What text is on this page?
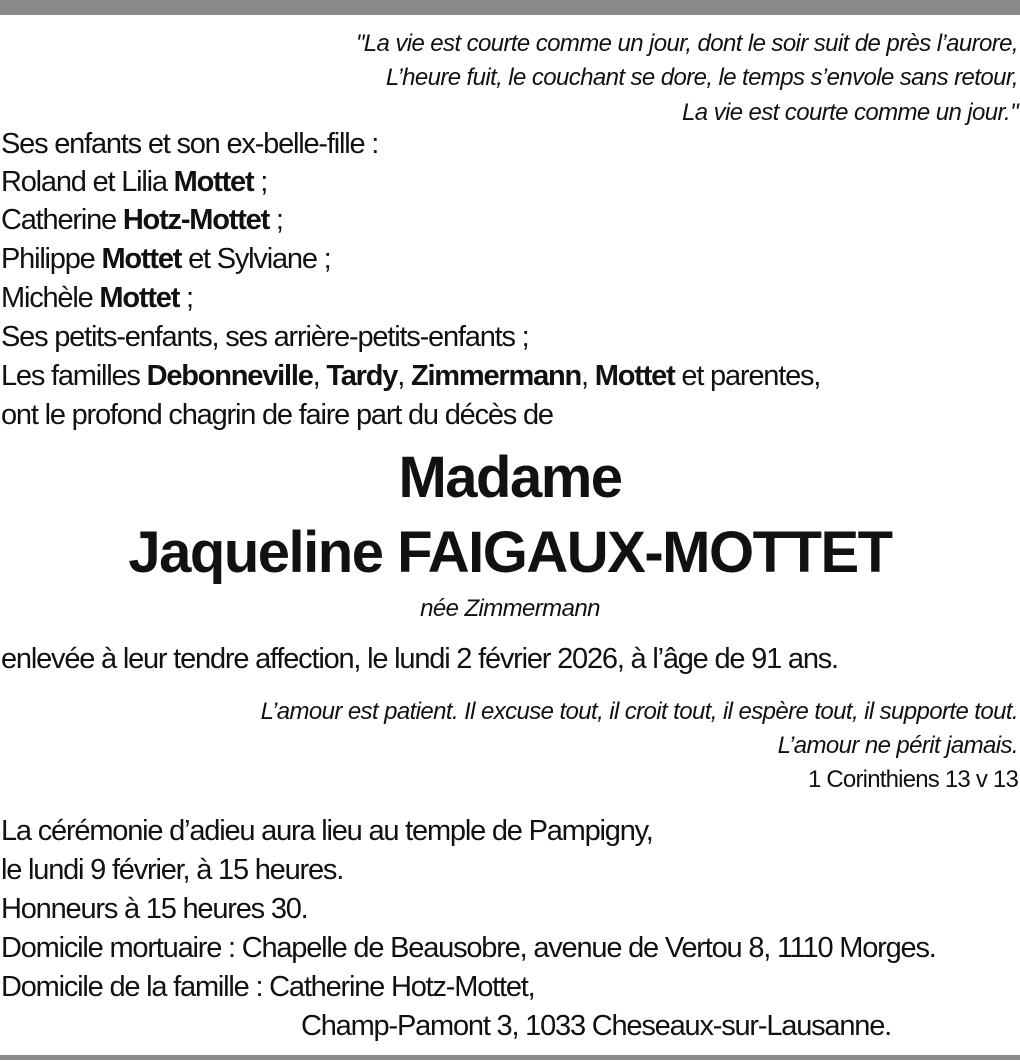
"La vie est courte comme un jour, dont le soir suit de près l’aurore,
L’heure fuit, le couchant se dore, le temps s’envole sans retour,
La vie est courte comme un jour."
Ses enfants et son ex-belle-fille :
Roland et Lilia Mottet ;
Catherine Hotz-Mottet ;
Philippe Mottet et Sylviane ;
Michèle Mottet ;
Ses petits-enfants, ses arrière-petits-enfants ;
Les familles Debonneville, Tardy, Zimmermann, Mottet et parentes,
ont le profond chagrin de faire part du décès de
Madame
Jaqueline FAIGAUX-MOTTET
née Zimmermann
enlevée à leur tendre affection, le lundi 2 février 2026, à l’âge de 91 ans.
L’amour est patient. Il excuse tout, il croit tout, il espère tout, il supporte tout.
L’amour ne périt jamais.
1 Corinthiens 13 v 13
La cérémonie d’adieu aura lieu au temple de Pampigny,
le lundi 9 février, à 15 heures.
Honneurs à 15 heures 30.
Domicile mortuaire : Chapelle de Beausobre, avenue de Vertou 8, 1110 Morges.
Domicile de la famille : Catherine Hotz-Mottet,
Champ-Pamont 3, 1033 Cheseaux-sur-Lausanne.
